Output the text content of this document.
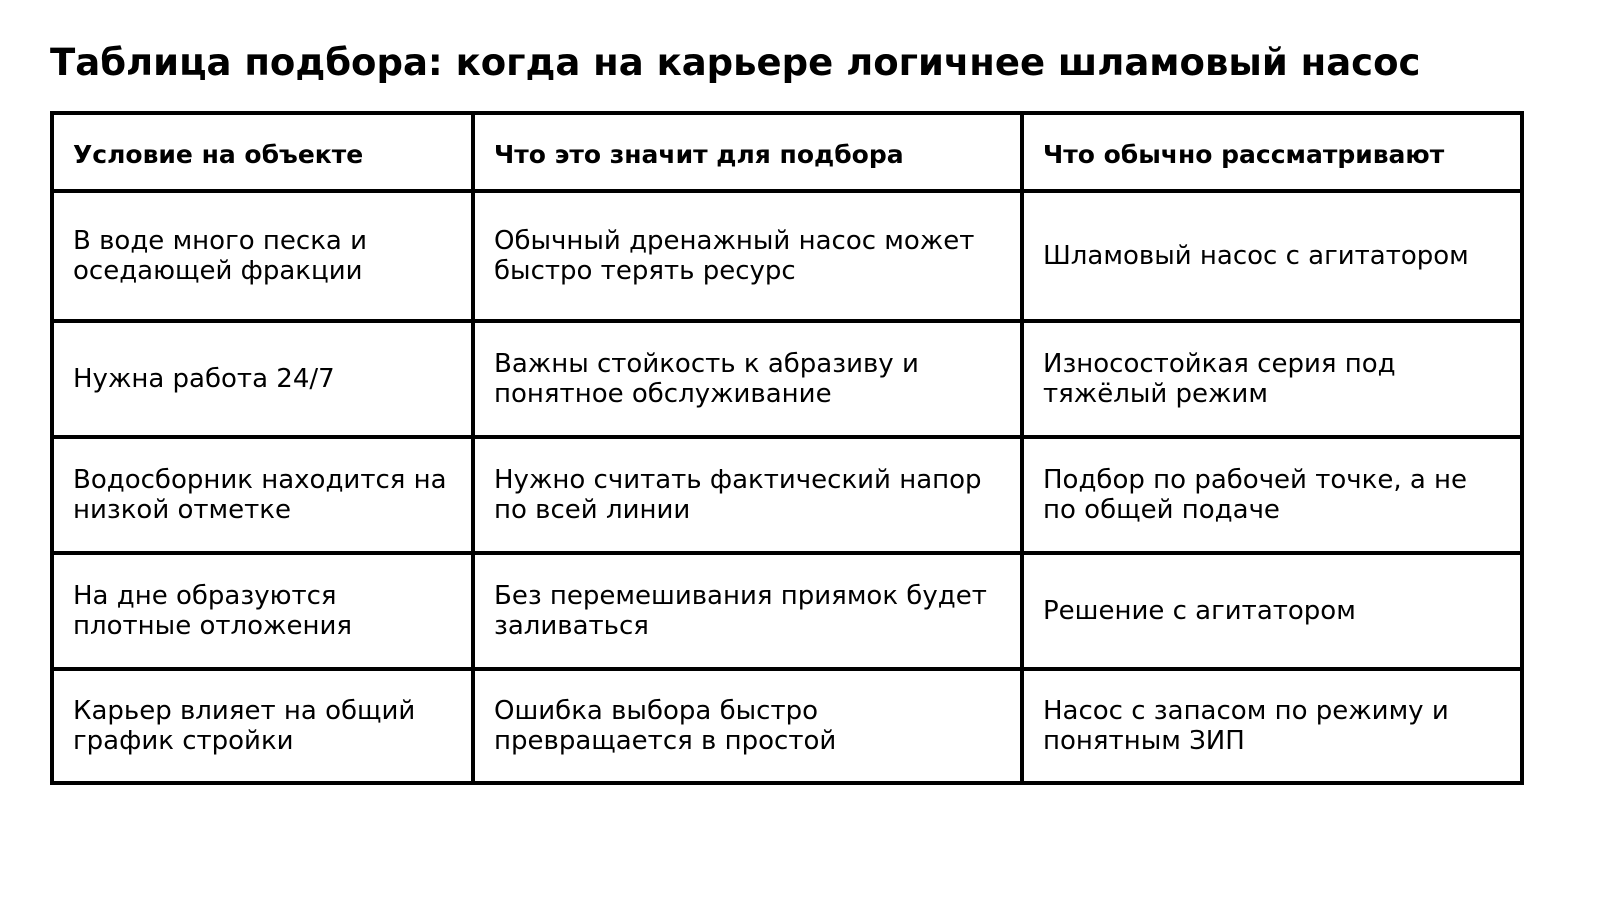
Таблица подбора: когда на карьере логичнее шламовый насос
Условие на объекте	Что это значит для подбора	Что обычно рассматривают
В воде много песка и оседающей фракции	Обычный дренажный насос может быстро терять ресурс	Шламовый насос с агитатором
Нужна работа 24/7	Важны стойкость к абразиву и понятное обслуживание	Износостойкая серия под тяжёлый режим
Водосборник находится на низкой отметке	Нужно считать фактический напор по всей линии	Подбор по рабочей точке, а не по общей подаче
На дне образуются плотные отложения	Без перемешивания приямок будет заливаться	Решение с агитатором
Карьер влияет на общий график стройки	Ошибка выбора быстро превращается в простой	Насос с запасом по режиму и понятным ЗИП
